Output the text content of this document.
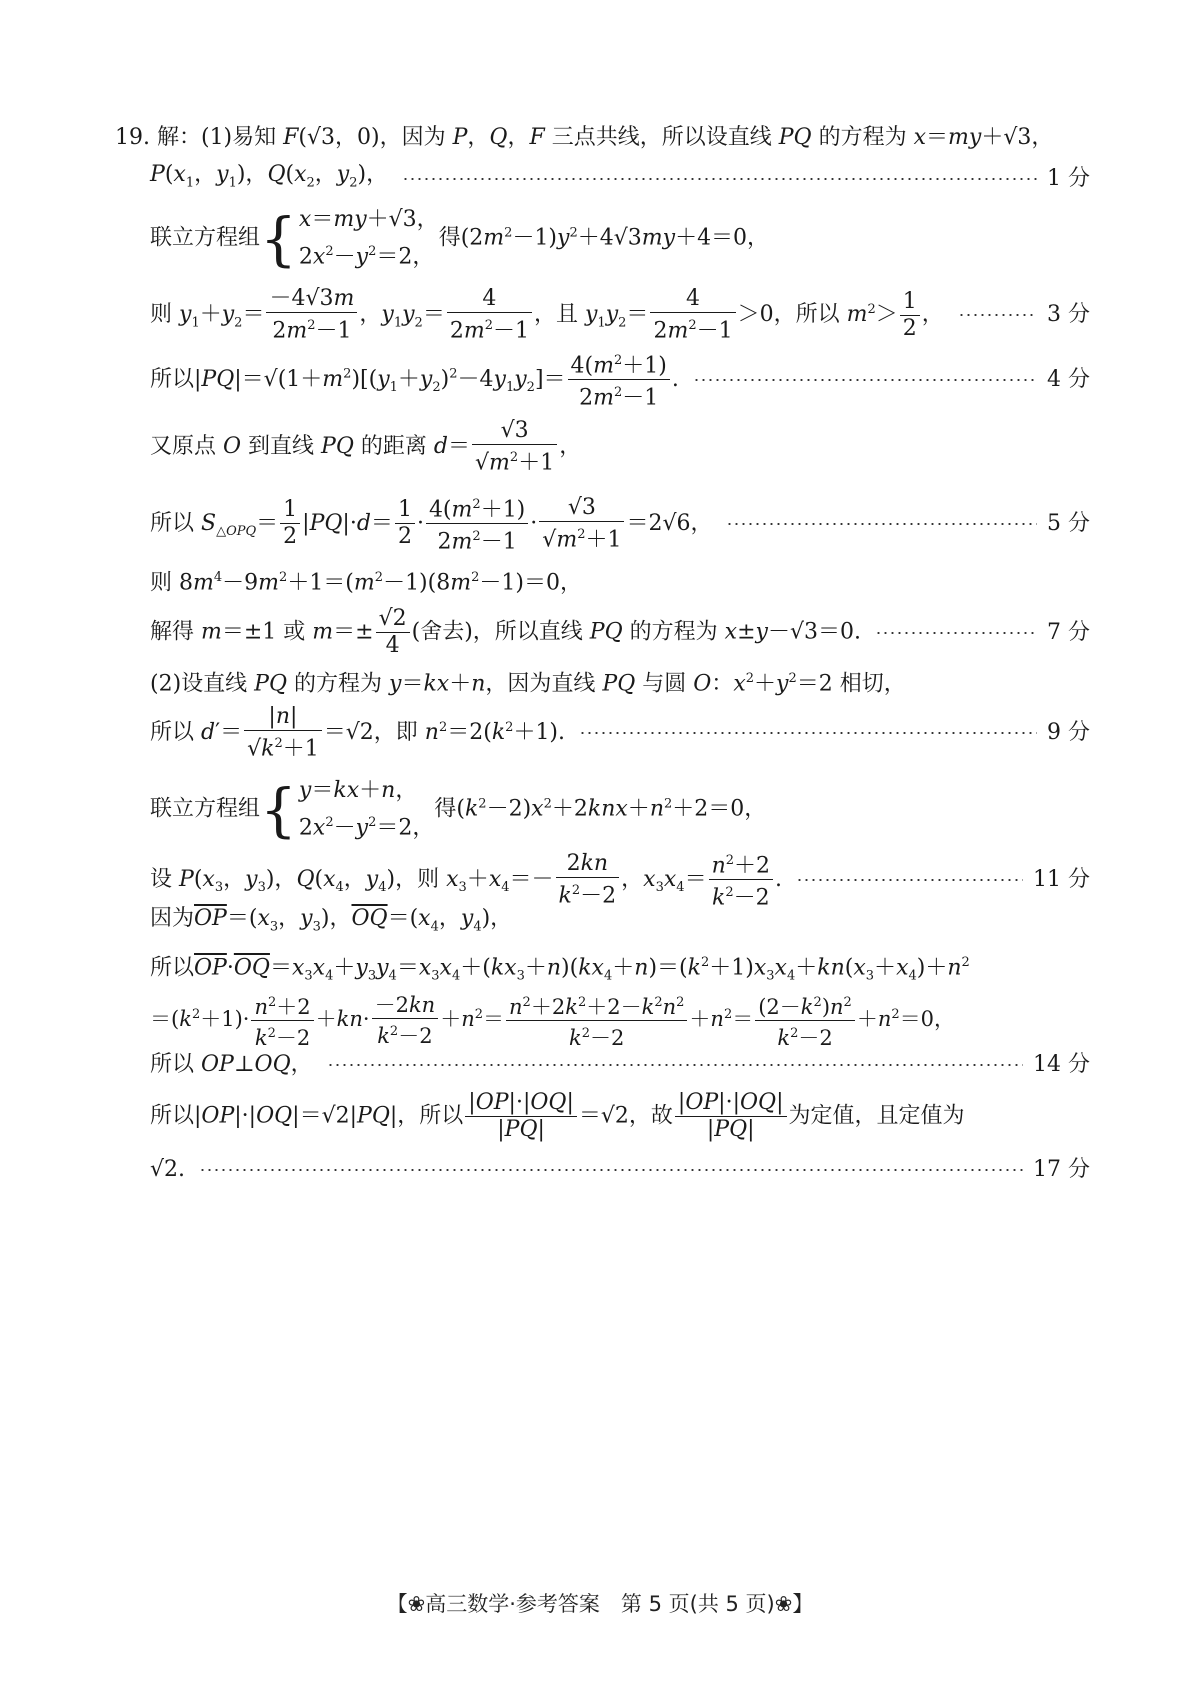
19. 解：(1)易知 F(√3，0)，因为 P，Q，F 三点共线，所以设直线 PQ 的方程为 x＝my＋√3，
$P(x_1$，$y_1$)，$Q(x_2$，$y_2$)，	1 分
联立方程组 { x＝my＋√3，
$2x^2-y^2=2$，
得$(2m^2-1)y^2+4√3my+4=0$，
则 $y_1+y_2= \frac{-4√3m}{2m^2-1}$ ，$y_1y_2= \frac{4}{2m^2-1}$ ，且 $y_1y_2= \frac{4}{2m^2-1} >0$，所以 $m^2> \frac{1}{2}$ ，	3 分
所以$|PQ|=√(1+m^2)[(y_1+y_2)^2-4y_1y_2]= \frac{4(m^2+1)}{2m^2-1}$ .	4 分
又原点 O 到直线 PQ 的距离 $d= \frac{√3}{√m^2+1}$ ，
所以 $S_{\triangle OPQ}= \frac{1}{2} |PQ|\cdot d= \frac{1}{2} \cdot \frac{4(m^2+1)}{2m^2-1} \cdot \frac{√3}{√m^2+1} =2√6$，	5 分
则 $8m^4-9m^2+1=(m^2-1)(8m^2-1)=0$，
解得 m＝±1 或 $m=\pm \frac{√2}{4}$ (舍去)，所以直线 PQ 的方程为 x±y－√3＝0.	7 分
(2)设直线 PQ 的方程为 y＝kx＋n，因为直线 PQ 与圆 O：$x^2+y^2=2$ 相切，
所以 $d'= \frac{|n|}{√k^2+1} =√2$，即 $n^2=2(k^2+1)$.	9 分
联立方程组 { y＝kx＋n，
$2x^2-y^2=2$，
得$(k^2-2)x^2+2knx+n^2+2=0$，
设 $P(x_3$，$y_3$)，$Q(x_4$，$y_4$)，则 $x_3+x_4=- \frac{2kn}{k^2-2}$ ，$x_3x_4= \frac{n^2+2}{k^2-2}$ .	11 分
因为$\overline{OP}=(x_3$，$y_3$)，$\overline{OQ}=(x_4$，$y_4$)，
所以$\overline{OP}\cdot\overline{OQ}=x_3x_4+y_3y_4=x_3x_4+(kx_3+n)(kx_4+n)=(k^2+1)x_3x_4+kn(x_3+x_4)+n^2$
$=(k^2+1)\cdot \frac{n^2+2}{k^2-2} +kn\cdot \frac{-2kn}{k^2-2} +n^2= \frac{n^2+2k^2+2-k^2n^2}{k^2-2} +n^2= \frac{(2-k^2)n^2}{k^2-2} +n^2=0$，
所以 OP⊥OQ，	14 分
所以|OP|·|OQ|＝√2|PQ|，所以 $\frac{|OP|\cdot|OQ|}{|PQ|} =√2$，故 $\frac{|OP|\cdot|OQ|}{|PQ|}$ 为定值，且定值为
√2.	17 分
【❀高三数学·参考答案　第 5 页(共 5 页)❀】
